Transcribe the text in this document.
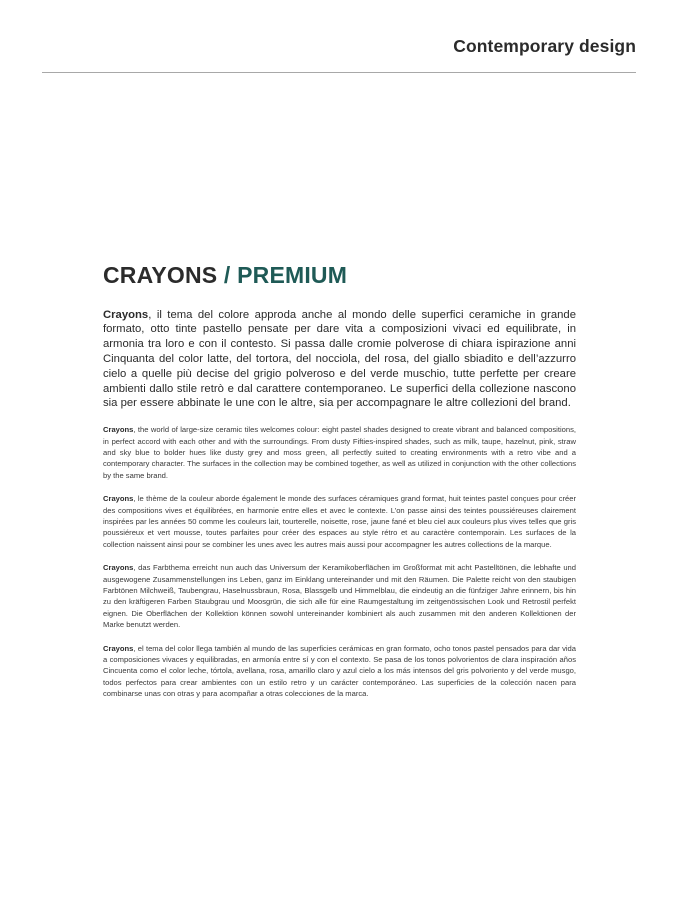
Contemporary design
CRAYONS / PREMIUM

Crayons, il tema del colore approda anche al mondo delle superfici ceramiche in grande formato, otto tinte pastello pensate per dare vita a composizioni vivaci ed equilibrate, in armonia tra loro e con il contesto. Si passa dalle cromie polverose di chiara ispirazione anni Cinquanta del color latte, del tortora, del nocciola, del rosa, del giallo sbiadito e dell’azzurro cielo a quelle più decise del grigio polveroso e del verde muschio, tutte perfette per creare ambienti dallo stile retrò e dal carattere contemporaneo. Le superfici della collezione nascono sia per essere abbinate le une con le altre, sia per accompagnare le altre collezioni del brand.

Crayons, the world of large-size ceramic tiles welcomes colour: eight pastel shades designed to create vibrant and balanced compositions, in perfect accord with each other and with the surroundings. From dusty Fifties-inspired shades, such as milk, taupe, hazelnut, pink, straw and sky blue to bolder hues like dusty grey and moss green, all perfectly suited to creating environments with a retro vibe and a contemporary character. The surfaces in the collection may be combined together, as well as utilized in conjunction with the other collections by the same brand.

Crayons, le thème de la couleur aborde également le monde des surfaces céramiques grand format, huit teintes pastel conçues pour créer des compositions vives et équilibrées, en harmonie entre elles et avec le contexte. L’on passe ainsi des teintes poussiéreuses clairement inspirées par les années 50 comme les couleurs lait, tourterelle, noisette, rose, jaune fané et bleu ciel aux couleurs plus vives telles que gris poussiéreux et vert mousse, toutes parfaites pour créer des espaces au style rétro et au caractère contemporain. Les surfaces de la collection naissent ainsi pour se combiner les unes avec les autres mais aussi pour accompagner les autres collections de la marque.

Crayons, das Farbthema erreicht nun auch das Universum der Keramikoberflächen im Großformat mit acht Pastelltönen, die lebhafte und ausgewogene Zusammenstellungen ins Leben, ganz im Einklang untereinander und mit den Räumen. Die Palette reicht von den staubigen Farbtönen Milchweiß, Taubengrau, Haselnussbraun, Rosa, Blassgelb und Himmelblau, die eindeutig an die fünfziger Jahre erinnern, bis hin zu den kräftigeren Farben Staubgrau und Moosgrün, die sich alle für eine Raumgestaltung im zeitgenössischen Look und Retrostil perfekt eignen. Die Oberflächen der Kollektion können sowohl untereinander kombiniert als auch zusammen mit den anderen Kollektionen der Marke benutzt werden.

Crayons, el tema del color llega también al mundo de las superficies cerámicas en gran formato, ocho tonos pastel pensados para dar vida a composiciones vivaces y equilibradas, en armonía entre sí y con el contexto. Se pasa de los tonos polvorientos de clara inspiración años Cincuenta como el color leche, tórtola, avellana, rosa, amarillo claro y azul cielo a los más intensos del gris polvoriento y del verde musgo, todos perfectos para crear ambientes con un estilo retro y un carácter contemporáneo. Las superficies de la colección nacen para combinarse unas con otras y para acompañar a otras colecciones de la marca.
